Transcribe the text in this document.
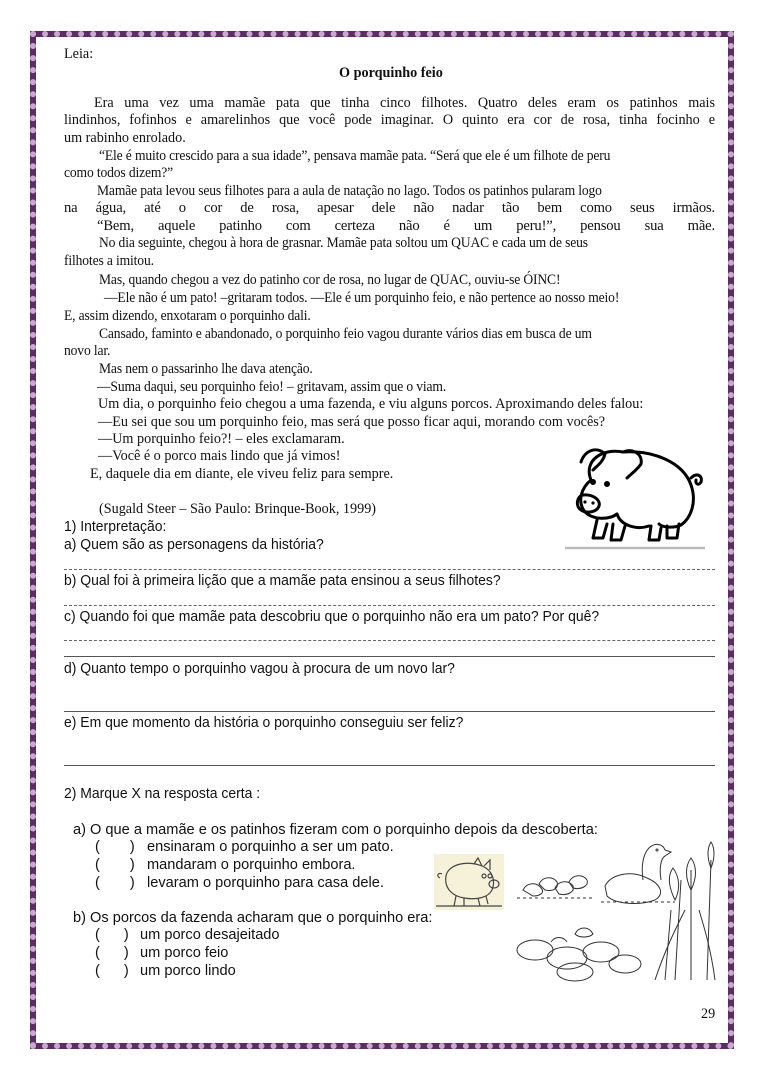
Leia:
O porquinho feio
Era uma vez uma mamãe pata que tinha cinco filhotes. Quatro deles eram os patinhos mais
lindinhos, fofinhos e amarelinhos que você pode imaginar. O quinto era cor de rosa, tinha focinho e
um rabinho enrolado.
“Ele é muito crescido para a sua idade”, pensava mamãe pata. “Será que ele é um filhote de peru
como todos dizem?”
Mamãe pata levou seus filhotes para a aula de natação no lago. Todos os patinhos pularam logo
na água, até o cor de rosa, apesar dele não nadar tão bem como seus irmãos.
“Bem, aquele patinho com certeza não é um peru!”, pensou sua mãe.
No dia seguinte, chegou à hora de grasnar. Mamãe pata soltou um QUAC e cada um de seus
filhotes a imitou.
Mas, quando chegou a vez do patinho cor de rosa, no lugar de QUAC, ouviu-se ÓINC!
—Ele não é um pato! –gritaram todos. —Ele é um porquinho feio, e não pertence ao nosso meio!
E, assim dizendo, enxotaram o porquinho dali.
Cansado, faminto e abandonado, o porquinho feio vagou durante vários dias em busca de um
novo lar.
Mas nem o passarinho lhe dava atenção.
—Suma daqui, seu porquinho feio! – gritavam, assim que o viam.
Um dia, o porquinho feio chegou a uma fazenda, e viu alguns porcos. Aproximando deles falou:
—Eu sei que sou um porquinho feio, mas será que posso ficar aqui, morando com vocês?
—Um porquinho feio?! – eles exclamaram.
—Você é o porco mais lindo que já vimos!
E, daquele dia em diante, ele viveu feliz para sempre.
(Sugald Steer – São Paulo: Brinque-Book, 1999)
1) Interpretação:
a) Quem são as personagens da história?
b) Qual foi à primeira lição que a mamãe pata ensinou a seus filhotes?
c) Quando foi que mamãe pata descobriu que o porquinho não era um pato? Por quê?
d) Quanto tempo o porquinho vagou à procura de um novo lar?
e) Em que momento da história o porquinho conseguiu ser feliz?
2) Marque X na resposta certa :
a) O que a mamãe e os patinhos fizeram com o porquinho depois da descoberta:
( ) ensinaram o porquinho a ser um pato.
( ) mandaram o porquinho embora.
( ) levaram o porquinho para casa dele.
b) Os porcos da fazenda acharam que o porquinho era:
( ) um porco desajeitado
( ) um porco feio
( ) um porco lindo
29
